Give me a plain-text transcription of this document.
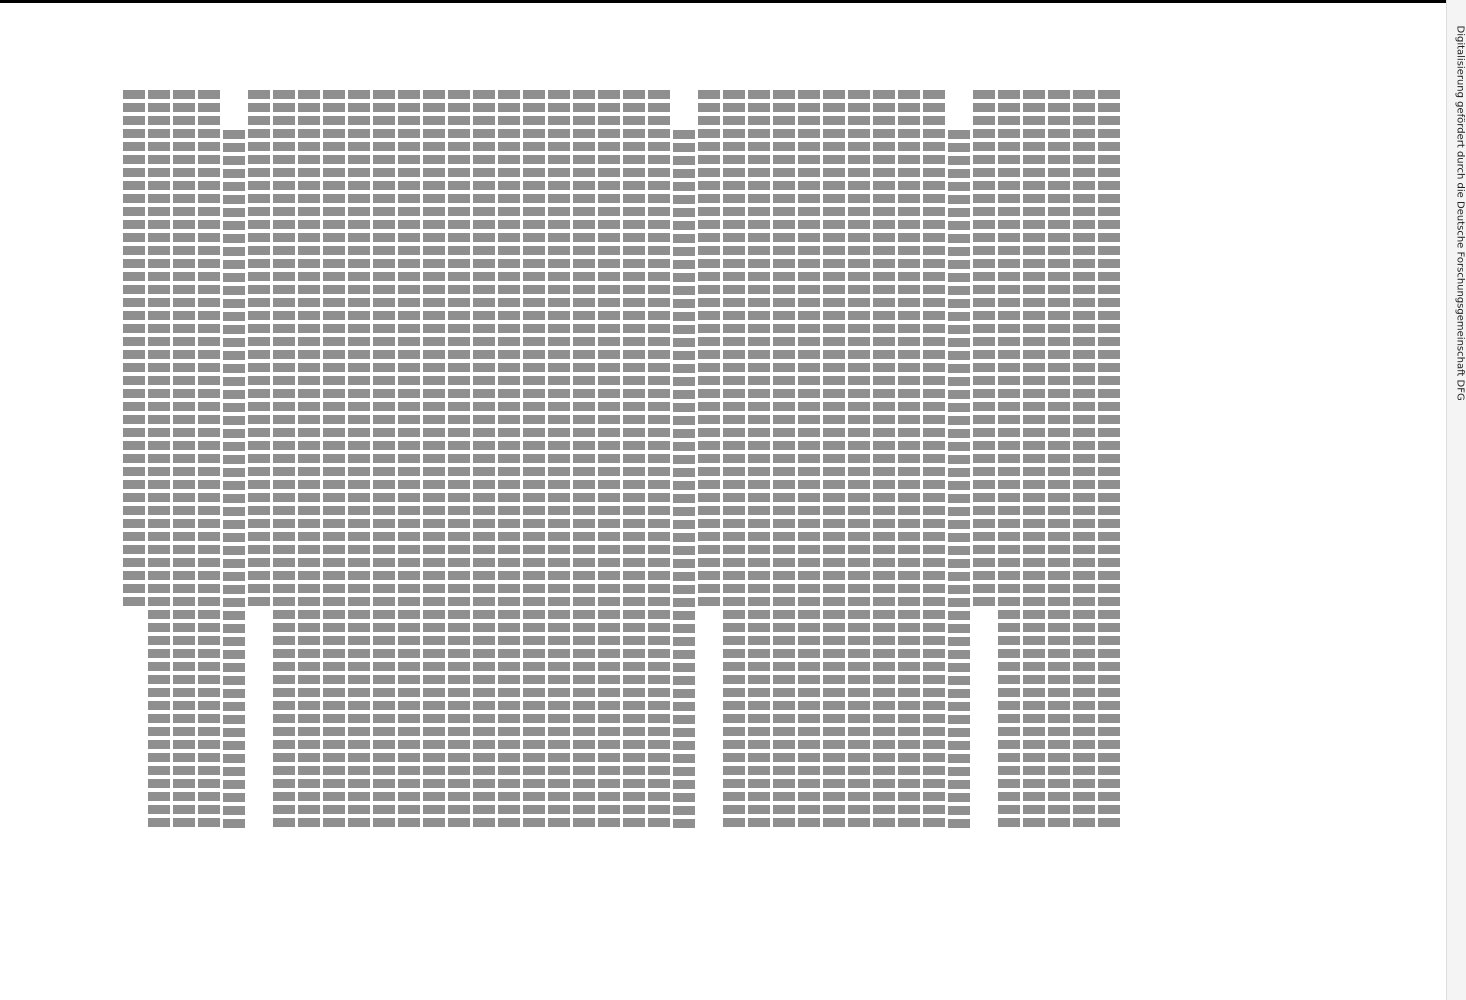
Digitalisierung gefördert durch die Deutsche Forschungsgemeinschaft DFG
